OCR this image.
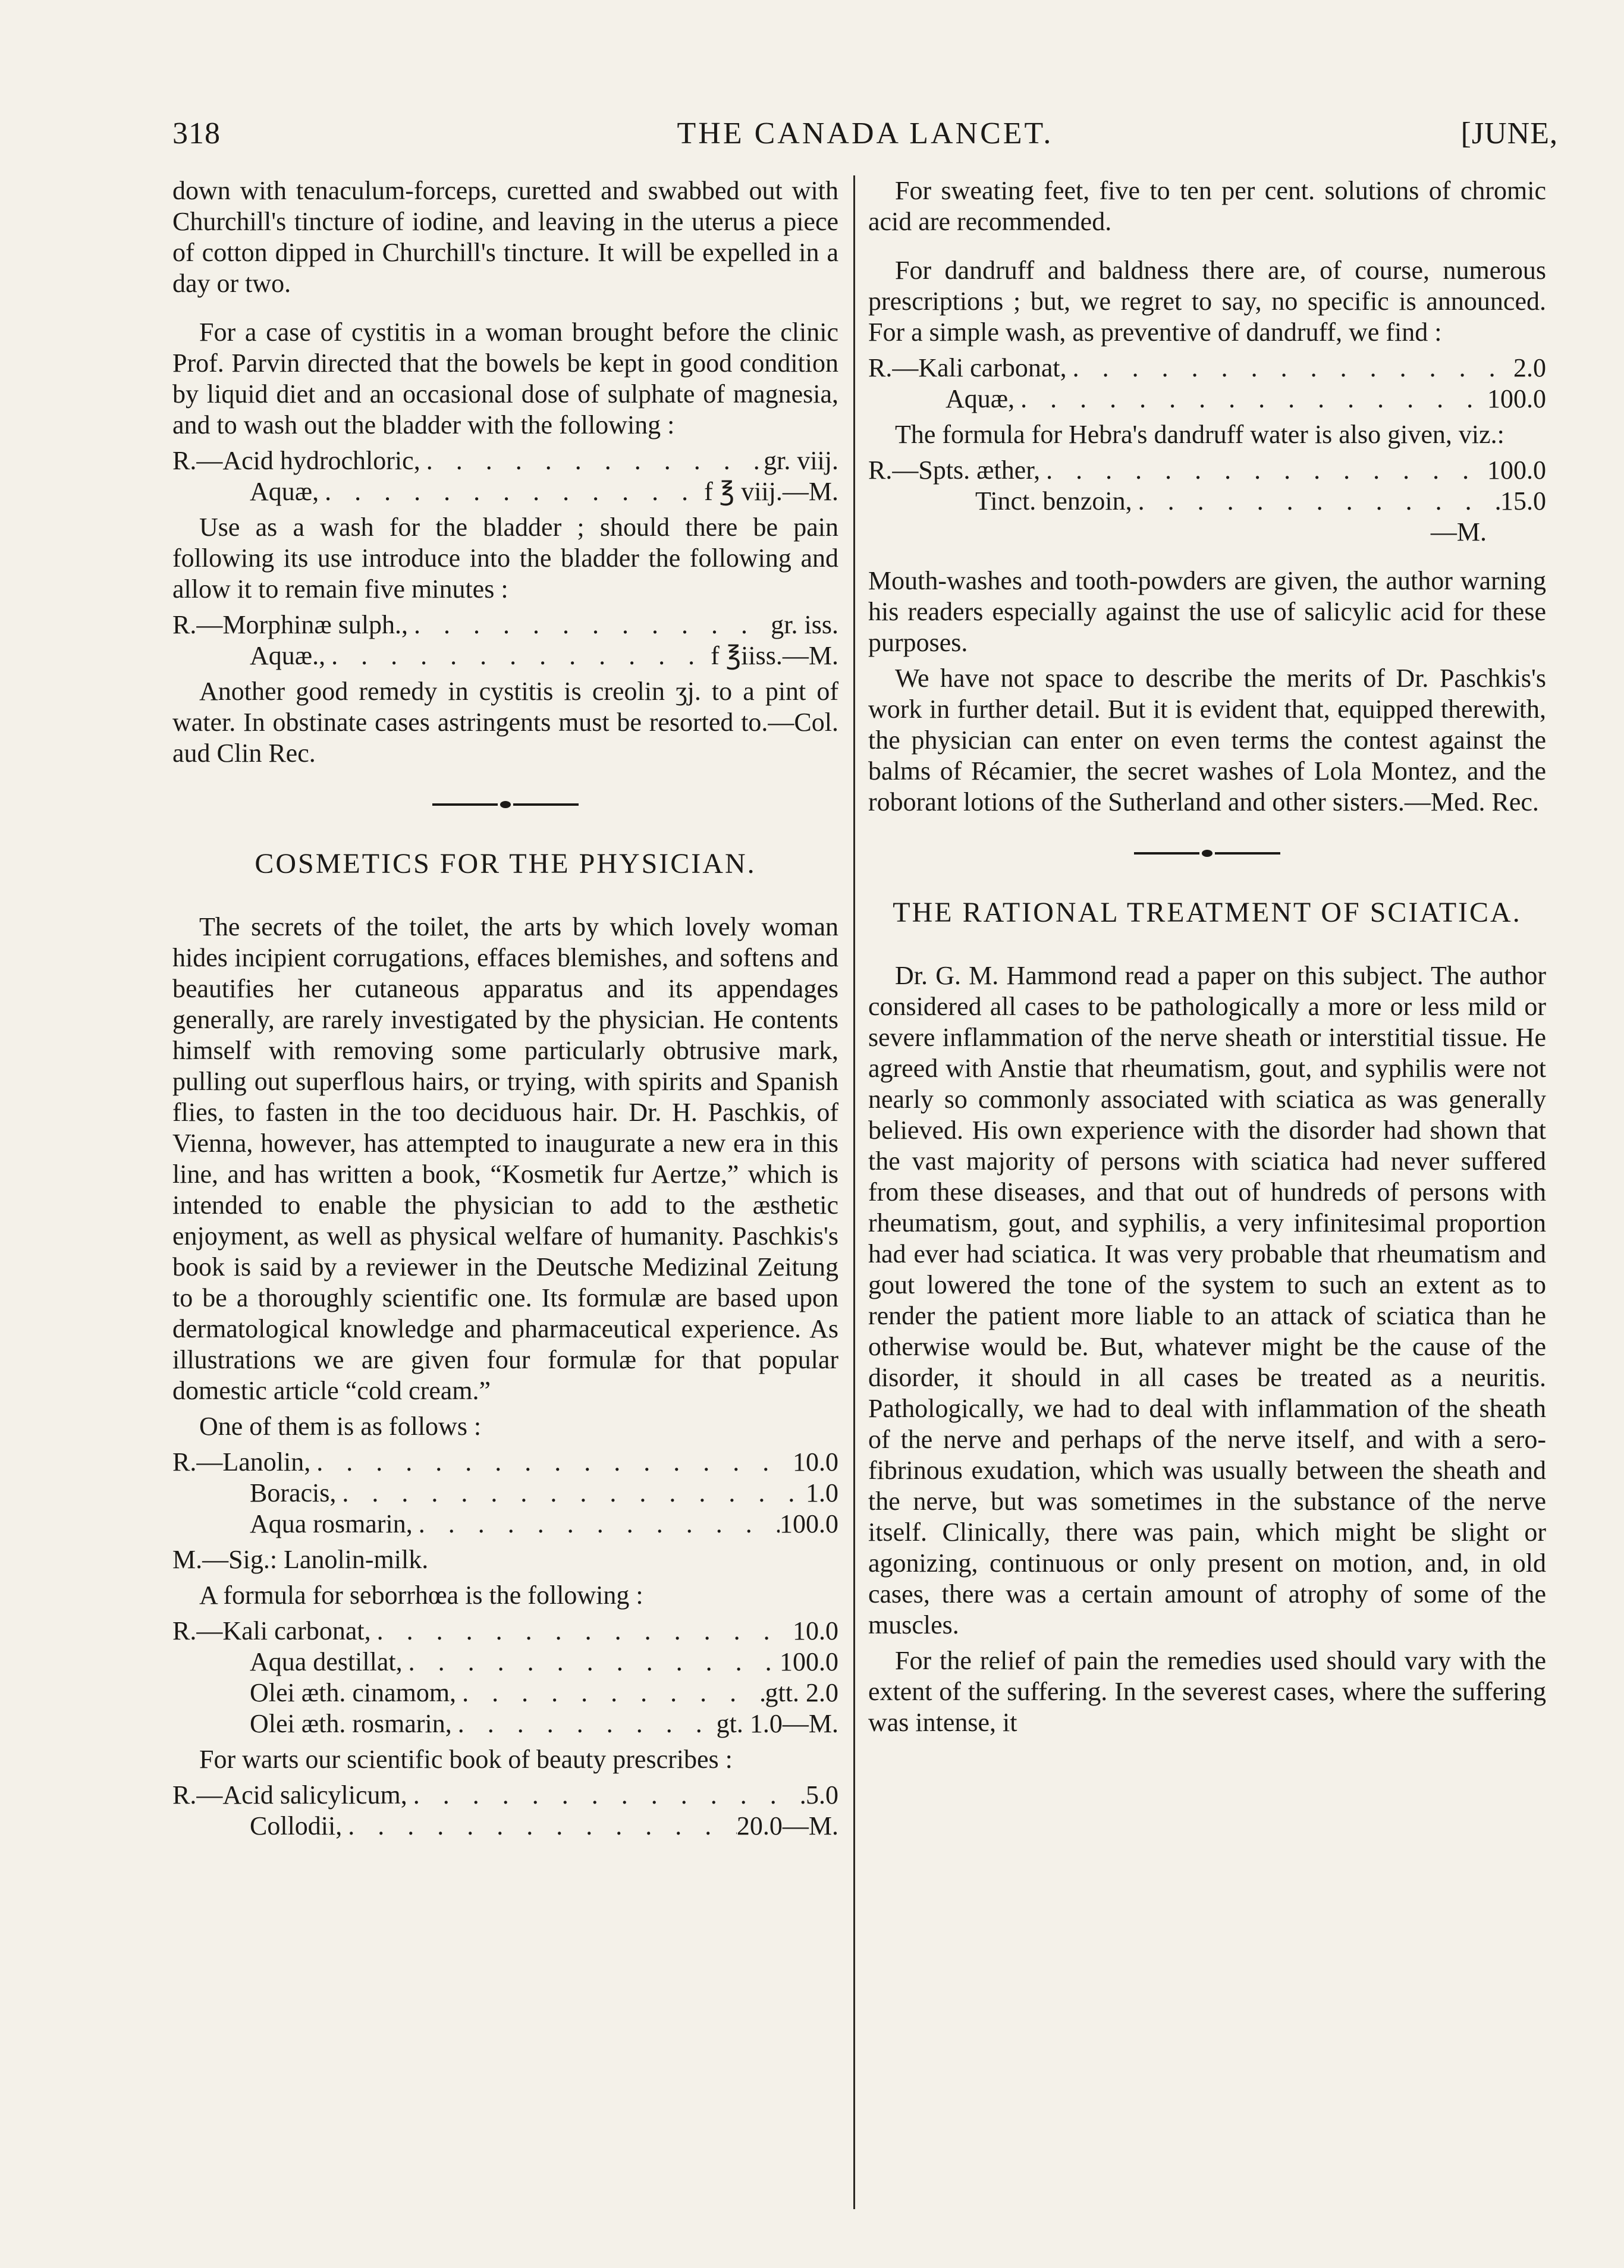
318	THE CANADA LANCET.	[JUNE,

down with tenaculum-forceps, curetted and swabbed out with Churchill's tincture of iodine, and leaving in the uterus a piece of cotton dipped in Churchill's tincture. It will be expelled in a day or two.

For a case of cystitis in a woman brought before the clinic Prof. Parvin directed that the bowels be kept in good condition by liquid diet and an occasional dose of sulphate of magnesia, and to wash out the bladder with the following :

R.—Acid hydrochloric, . . .	gr. viij.
Aquæ, . . .	f ℥ viij.—M.

Use as a wash for the bladder ; should there be pain following its use introduce into the bladder the following and allow it to remain five minutes :

R.—Morphinæ sulph., . . .	gr. iss.
Aquæ., . . .	f ℥iiss.—M.

Another good remedy in cystitis is creolin ʒj. to a pint of water. In obstinate cases astringents must be resorted to.—Col. aud Clin Rec.

COSMETICS FOR THE PHYSICIAN.

The secrets of the toilet, the arts by which lovely woman hides incipient corrugations, effaces blemishes, and softens and beautifies her cutaneous apparatus and its appendages generally, are rarely investigated by the physician. He contents himself with removing some particularly obtrusive mark, pulling out superflous hairs, or trying, with spirits and Spanish flies, to fasten in the too deciduous hair. Dr. H. Paschkis, of Vienna, however, has attempted to inaugurate a new era in this line, and has written a book, “Kosmetik fur Aertze,” which is intended to enable the physician to add to the æsthetic enjoyment, as well as physical welfare of humanity. Paschkis's book is said by a reviewer in the Deutsche Medizinal Zeitung to be a thoroughly scientific one. Its formulæ are based upon dermatological knowledge and pharmaceutical experience. As illustrations we are given four formulæ for that popular domestic article “cold cream.”

One of them is as follows :

R.—Lanolin, . . .	10.0
Boracis, . . .	1.0
Aqua rosmarin, . . .	100.0

M.—Sig.: Lanolin-milk.

A formula for seborrhœa is the following :

R.—Kali carbonat, . . .	10.0
Aqua destillat, . . .	100.0
Olei æth. cinamom, . . .	gtt. 2.0
Olei æth. rosmarin, . . .	gt. 1.0—M.

For warts our scientific book of beauty prescribes :

R.—Acid salicylicum, . . .	5.0
Collodii, . . .	20.0—M.

For sweating feet, five to ten per cent. solutions of chromic acid are recommended.

For dandruff and baldness there are, of course, numerous prescriptions ; but, we regret to say, no specific is announced. For a simple wash, as preventive of dandruff, we find :

R.—Kali carbonat, . . .	2.0
Aquæ, . . .	100.0

The formula for Hebra's dandruff water is also given, viz.:

R.—Spts. æther, . . .	100.0
Tinct. benzoin, . . .	15.0
—M.

Mouth-washes and tooth-powders are given, the author warning his readers especially against the use of salicylic acid for these purposes.

We have not space to describe the merits of Dr. Paschkis's work in further detail. But it is evident that, equipped therewith, the physician can enter on even terms the contest against the balms of Récamier, the secret washes of Lola Montez, and the roborant lotions of the Sutherland and other sisters.—Med. Rec.

THE RATIONAL TREATMENT OF SCIATICA.

Dr. G. M. Hammond read a paper on this subject. The author considered all cases to be pathologically a more or less mild or severe inflammation of the nerve sheath or interstitial tissue. He agreed with Anstie that rheumatism, gout, and syphilis were not nearly so commonly associated with sciatica as was generally believed. His own experience with the disorder had shown that the vast majority of persons with sciatica had never suffered from these diseases, and that out of hundreds of persons with rheumatism, gout, and syphilis, a very infinitesimal proportion had ever had sciatica. It was very probable that rheumatism and gout lowered the tone of the system to such an extent as to render the patient more liable to an attack of sciatica than he otherwise would be. But, whatever might be the cause of the disorder, it should in all cases be treated as a neuritis. Pathologically, we had to deal with inflammation of the sheath of the nerve and perhaps of the nerve itself, and with a sero-fibrinous exudation, which was usually between the sheath and the nerve, but was sometimes in the substance of the nerve itself. Clinically, there was pain, which might be slight or agonizing, continuous or only present on motion, and, in old cases, there was a certain amount of atrophy of some of the muscles.

For the relief of pain the remedies used should vary with the extent of the suffering. In the severest cases, where the suffering was intense, it
